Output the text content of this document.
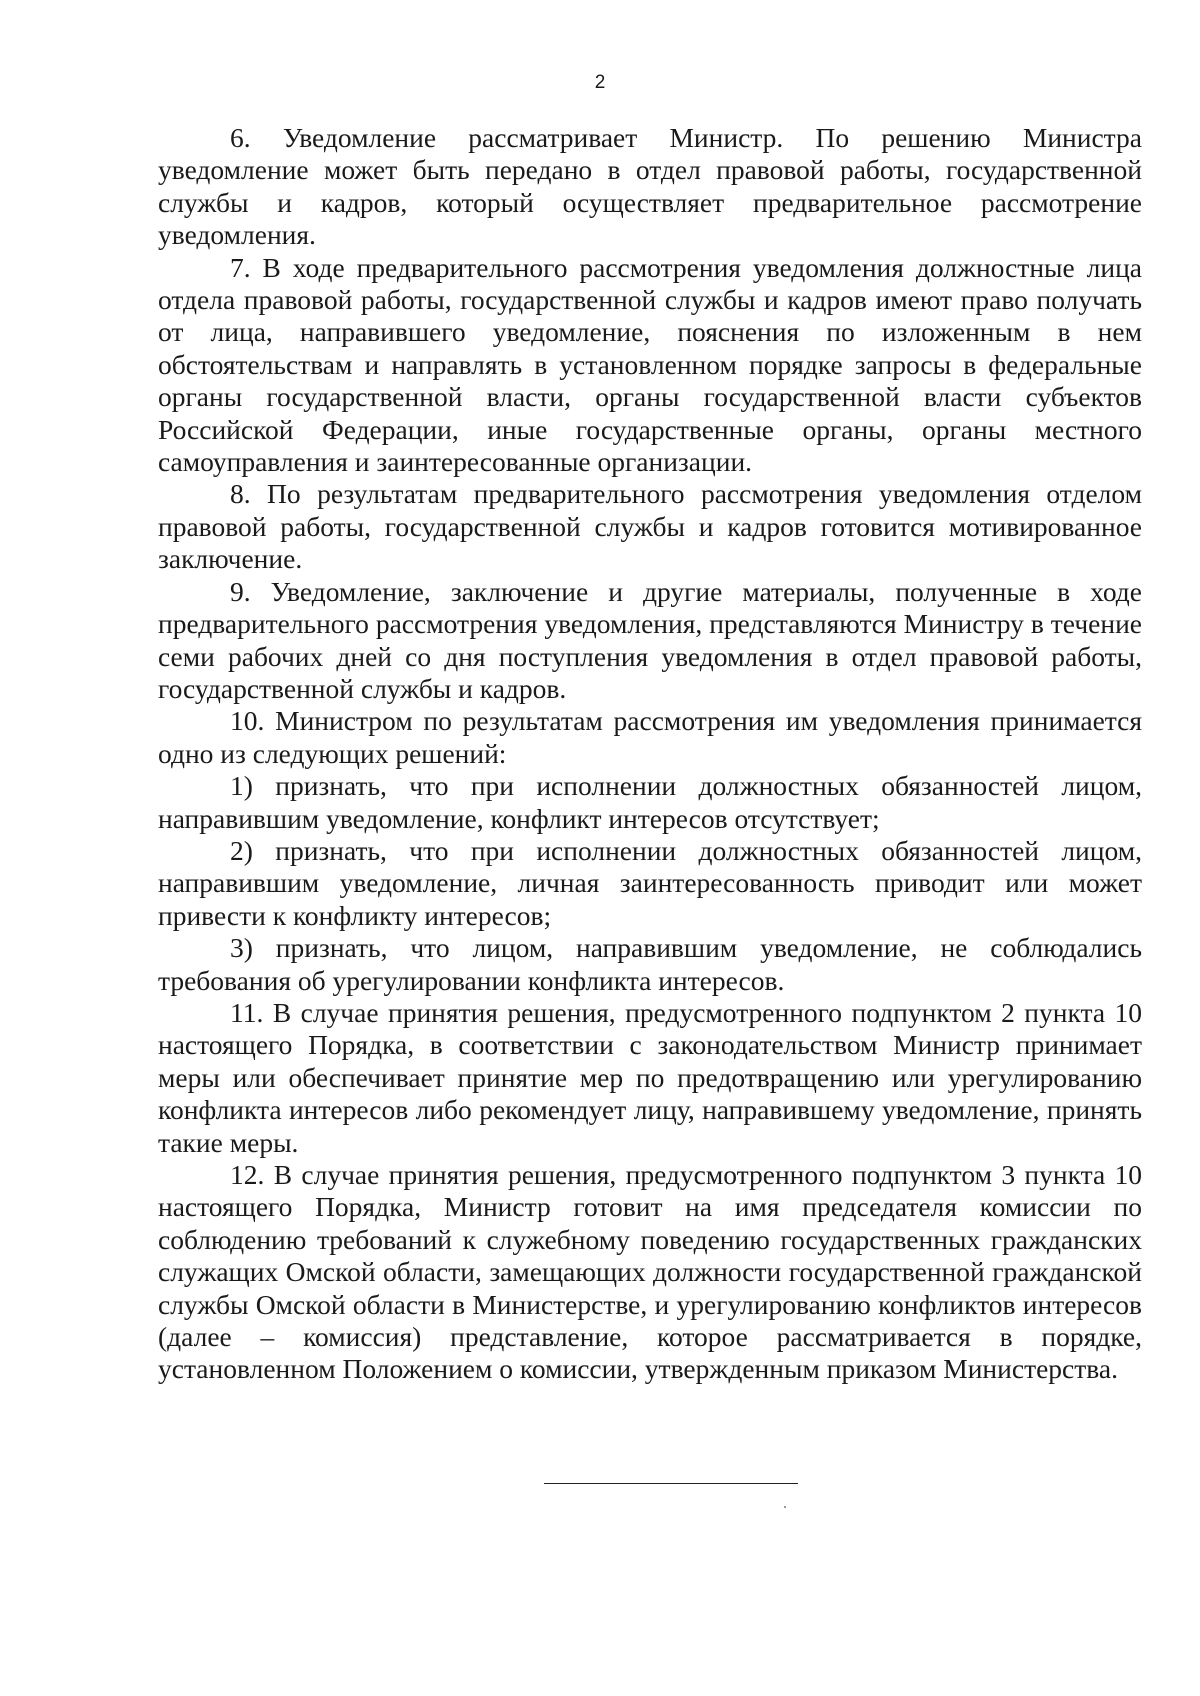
2

6. Уведомление рассматривает Министр. По решению Министра уведомление может быть передано в отдел правовой работы, государственной службы и кадров, который осуществляет предварительное рассмотрение уведомления.

7. В ходе предварительного рассмотрения уведомления должностные лица отдела правовой работы, государственной службы и кадров имеют право получать от лица, направившего уведомление, пояснения по изложенным в нем обстоятельствам и направлять в установленном порядке запросы в федеральные органы государственной власти, органы государственной власти субъектов Российской Федерации, иные государственные органы, органы местного самоуправления и заинтересованные организации.

8. По результатам предварительного рассмотрения уведомления отделом правовой работы, государственной службы и кадров готовится мотивированное заключение.

9. Уведомление, заключение и другие материалы, полученные в ходе предварительного рассмотрения уведомления, представляются Министру в течение семи рабочих дней со дня поступления уведомления в отдел правовой работы, государственной службы и кадров.

10. Министром по результатам рассмотрения им уведомления принимается одно из следующих решений:

1) признать, что при исполнении должностных обязанностей лицом, направившим уведомление, конфликт интересов отсутствует;

2) признать, что при исполнении должностных обязанностей лицом, направившим уведомление, личная заинтересованность приводит или может привести к конфликту интересов;

3) признать, что лицом, направившим уведомление, не соблюдались требования об урегулировании конфликта интересов.

11. В случае принятия решения, предусмотренного подпунктом 2 пункта 10 настоящего Порядка, в соответствии с законодательством Министр принимает меры или обеспечивает принятие мер по предотвращению или урегулированию конфликта интересов либо рекомендует лицу, направившему уведомление, принять такие меры.

12. В случае принятия решения, предусмотренного подпунктом 3 пункта 10 настоящего Порядка, Министр готовит на имя председателя комиссии по соблюдению требований к служебному поведению государственных гражданских служащих Омской области, замещающих должности государственной гражданской службы Омской области в Министерстве, и урегулированию конфликтов интересов (далее – комиссия) представление, которое рассматривается в порядке, установленном Положением о комиссии, утвержденным приказом Министерства.
